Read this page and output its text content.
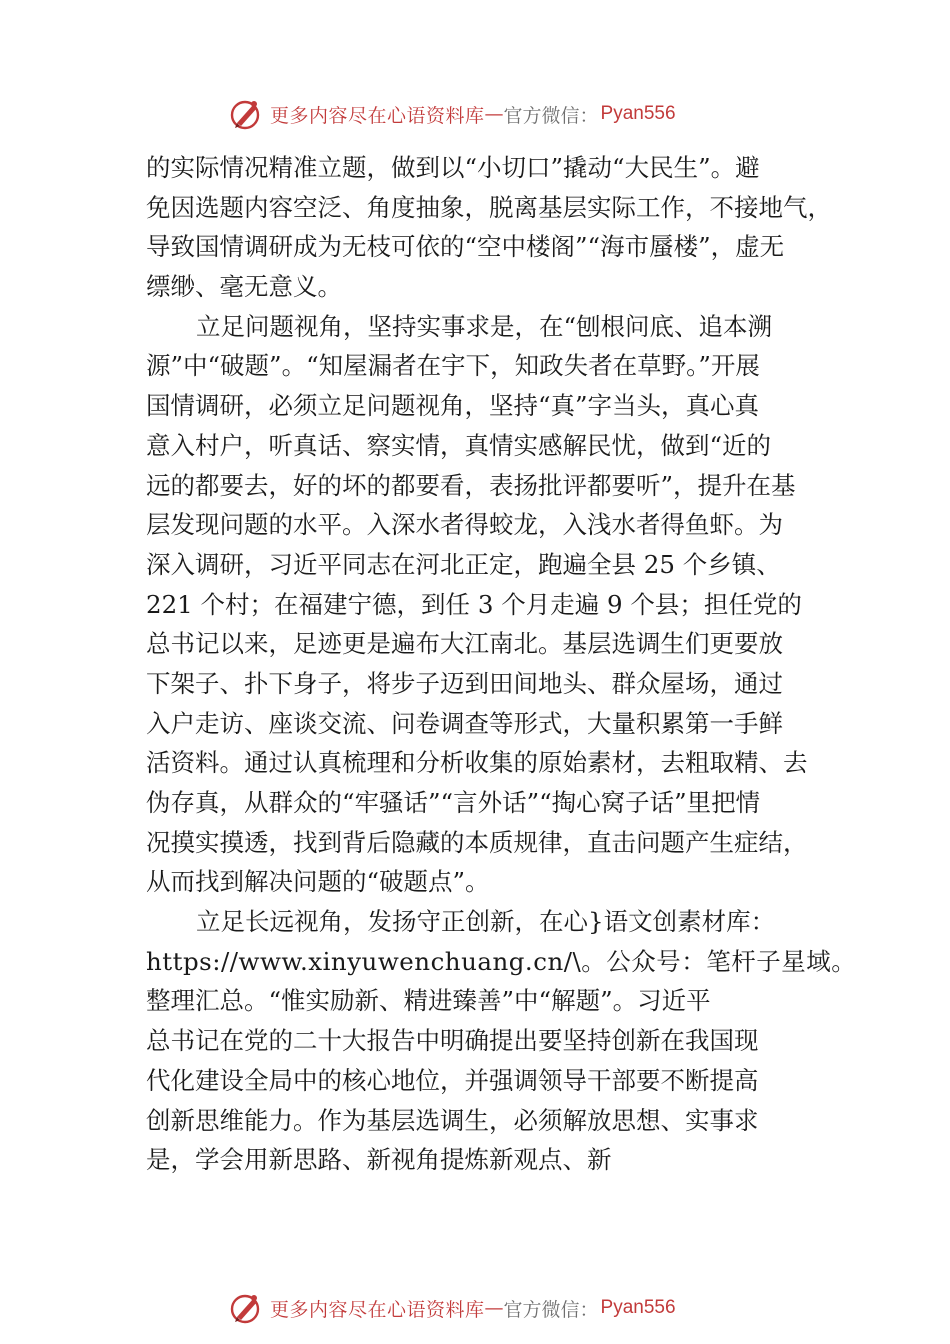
更多内容尽在心语资料库 — 官方微信： Pyan556
的实际情况精准立题，做到以“小切口”撬动“大民生”。避
免因选题内容空泛、角度抽象，脱离基层实际工作，不接地气，
导致国情调研成为无枝可依的“空中楼阁”“海市蜃楼”，虚无
缥缈、毫无意义。
立足问题视角，坚持实事求是，在“刨根问底、追本溯
源”中“破题”。“知屋漏者在宇下，知政失者在草野。”开展
国情调研，必须立足问题视角，坚持“真”字当头，真心真
意入村户，听真话、察实情，真情实感解民忧，做到“近的
远的都要去，好的坏的都要看，表扬批评都要听”，提升在基
层发现问题的水平。入深水者得蛟龙，入浅水者得鱼虾。为
深入调研，习近平同志在河北正定，跑遍全县 25 个乡镇、
221 个村；在福建宁德，到任 3 个月走遍 9 个县；担任党的
总书记以来，足迹更是遍布大江南北。基层选调生们更要放
下架子、扑下身子，将步子迈到田间地头、群众屋场，通过
入户走访、座谈交流、问卷调查等形式，大量积累第一手鲜
活资料。通过认真梳理和分析收集的原始素材，去粗取精、去
伪存真，从群众的“牢骚话”“言外话”“掏心窝子话”里把情
况摸实摸透，找到背后隐藏的本质规律，直击问题产生症结，
从而找到解决问题的“破题点”。
立足长远视角，发扬守正创新，在心}语文创素材库：
https://www.xinyuwenchuang.cn/\。公众号：笔杆子星域。
整理汇总。“惟实励新、精进臻善”中“解题”。习近平
总书记在党的二十大报告中明确提出要坚持创新在我国现
代化建设全局中的核心地位，并强调领导干部要不断提高
创新思维能力。作为基层选调生，必须解放思想、实事求
是，学会用新思路、新视角提炼新观点、新
更多内容尽在心语资料库 — 官方微信： Pyan556
